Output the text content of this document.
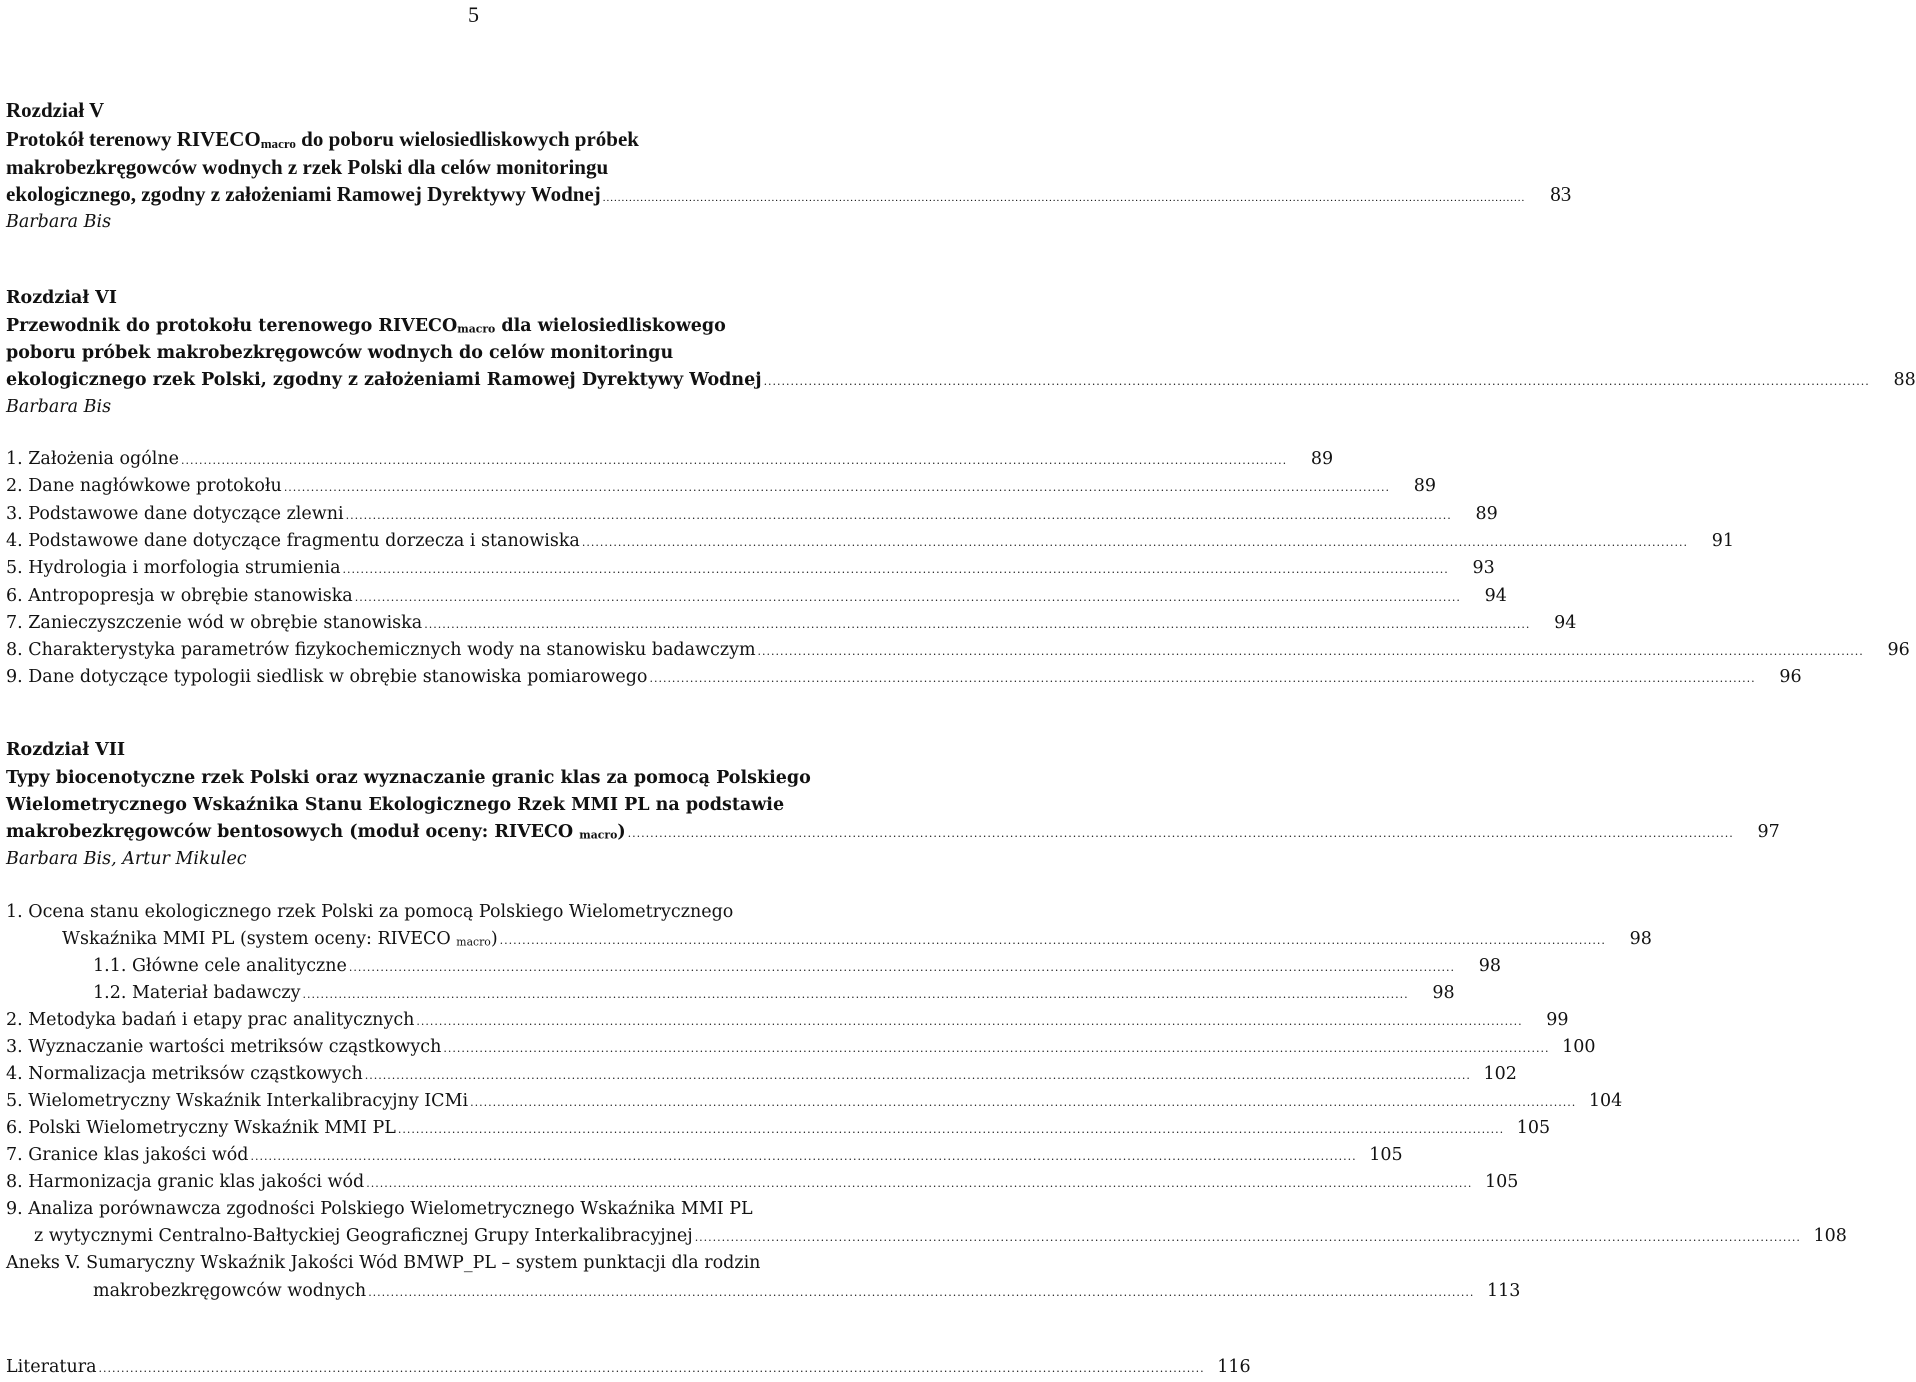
5
Rozdział V
Protokół terenowy RIVECOmacro do poboru wielosiedliskowych próbek
makrobezkręgowców wodnych z rzek Polski dla celów monitoringu
ekologicznego, zgodny z założeniami Ramowej Dyrektywy Wodnej ......................................................................................................................................................................................................................................................	83
Barbara Bis
Rozdział VI
Przewodnik do protokołu terenowego RIVECOmacro dla wielosiedliskowego
poboru próbek makrobezkręgowców wodnych do celów monitoringu
ekologicznego rzek Polski, zgodny z założeniami Ramowej Dyrektywy Wodnej ......................................................................................................................................................................................................................................................	88
Barbara Bis
1. Założenia ogólne ......................................................................................................................................................................................................................................................	89
2. Dane nagłówkowe protokołu ......................................................................................................................................................................................................................................................	89
3. Podstawowe dane dotyczące zlewni ......................................................................................................................................................................................................................................................	89
4. Podstawowe dane dotyczące fragmentu dorzecza i stanowiska ......................................................................................................................................................................................................................................................	91
5. Hydrologia i morfologia strumienia ......................................................................................................................................................................................................................................................	93
6. Antropopresja w obrębie stanowiska ......................................................................................................................................................................................................................................................	94
7. Zanieczyszczenie wód w obrębie stanowiska ......................................................................................................................................................................................................................................................	94
8. Charakterystyka parametrów fizykochemicznych wody na stanowisku badawczym ......................................................................................................................................................................................................................................................	96
9. Dane dotyczące typologii siedlisk w obrębie stanowiska pomiarowego ......................................................................................................................................................................................................................................................	96
Rozdział VII
Typy biocenotyczne rzek Polski oraz wyznaczanie granic klas za pomocą Polskiego
Wielometrycznego Wskaźnika Stanu Ekologicznego Rzek MMI PL na podstawie
makrobezkręgowców bentosowych (moduł oceny: RIVECO macro) ......................................................................................................................................................................................................................................................	97
Barbara Bis, Artur Mikulec
1. Ocena stanu ekologicznego rzek Polski za pomocą Polskiego Wielometrycznego
Wskaźnika MMI PL (system oceny: RIVECO macro) ......................................................................................................................................................................................................................................................	98
1.1. Główne cele analityczne ......................................................................................................................................................................................................................................................	98
1.2. Materiał badawczy ......................................................................................................................................................................................................................................................	98
2. Metodyka badań i etapy prac analitycznych ......................................................................................................................................................................................................................................................	99
3. Wyznaczanie wartości metriksów cząstkowych ...................................................................................................................................................................................................................................................... 100
4. Normalizacja metriksów cząstkowych ...................................................................................................................................................................................................................................................... 102
5. Wielometryczny Wskaźnik Interkalibracyjny ICMi ...................................................................................................................................................................................................................................................... 104
6. Polski Wielometryczny Wskaźnik MMI PL ...................................................................................................................................................................................................................................................... 105
7. Granice klas jakości wód ...................................................................................................................................................................................................................................................... 105
8. Harmonizacja granic klas jakości wód ...................................................................................................................................................................................................................................................... 105
9. Analiza porównawcza zgodności Polskiego Wielometrycznego Wskaźnika MMI PL
z wytycznymi Centralno-Bałtyckiej Geograficznej Grupy Interkalibracyjnej ...................................................................................................................................................................................................................................................... 108
Aneks V. Sumaryczny Wskaźnik Jakości Wód BMWP_PL – system punktacji dla rodzin
makrobezkręgowców wodnych ...................................................................................................................................................................................................................................................... 113
Literatura ...................................................................................................................................................................................................................................................... 116
